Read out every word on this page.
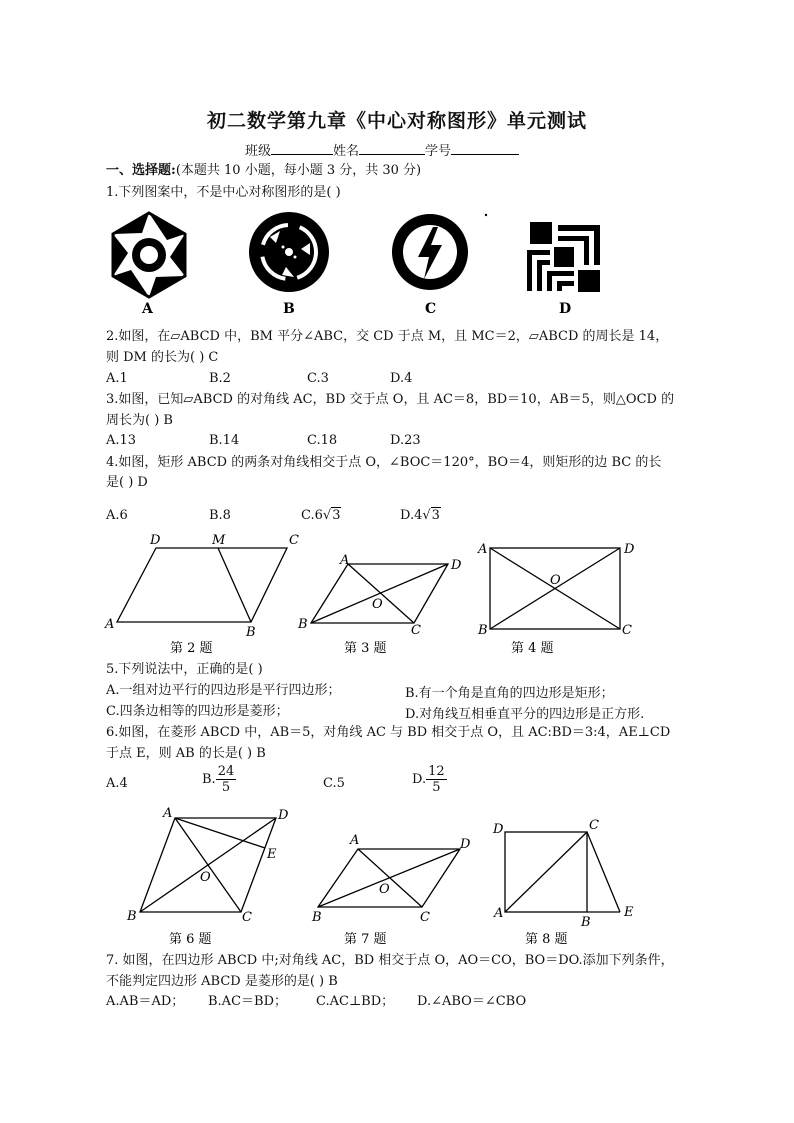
初二数学第九章《中心对称图形》单元测试
班级	姓名	学号
一、选择题:(本题共 10 小题，每小题 3 分，共 30 分)
1.下列图案中，不是中心对称图形的是( )
A	B	C	D
2.如图，在▱ABCD 中，BM 平分∠ABC，交 CD 于点 M，且 MC＝2，▱ABCD 的周长是 14，
则 DM 的长为( ) C
A.1	B.2	C.3	D.4
3.如图，已知▱ABCD 的对角线 AC，BD 交于点 O，且 AC＝8，BD＝10，AB＝5，则△OCD 的
周长为( ) B
A.13	B.14	C.18	D.23
4.如图，矩形 ABCD 的两条对角线相交于点 O，∠BOC＝120°，BO＝4，则矩形的边 BC 的长
是( ) D
A.6	B.8	C.6√3	D.4√3
D	M	C
A
B
第 2 题
A	D
O
B	C
第 3 题
A	D
O
B	C
第 4 题
5.下列说法中，正确的是( )
A.一组对边平行的四边形是平行四边形；	B.有一个角是直角的四边形是矩形；
C.四条边相等的四边形是菱形；	D.对角线互相垂直平分的四边形是正方形.
6.如图，在菱形 ABCD 中，AB＝5，对角线 AC 与 BD 相交于点 O，且 AC:BD＝3:4，AE⊥CD
于点 E，则 AB 的长是( ) B
A.4	B. $\frac{24}{5}$	C.5	D. $\frac{12}{5}$
A	D
E
O
B	C
第 6 题
A	D
O
B	C
第 7 题
D	C
A
B
E
第 8 题
7. 如图，在四边形 ABCD 中;对角线 AC，BD 相交于点 O，AO＝CO，BO＝DO.添加下列条件，
不能判定四边形 ABCD 是菱形的是( ) B
A.AB＝AD； B.AC＝BD； C.AC⊥BD； D.∠ABO＝∠CBO
